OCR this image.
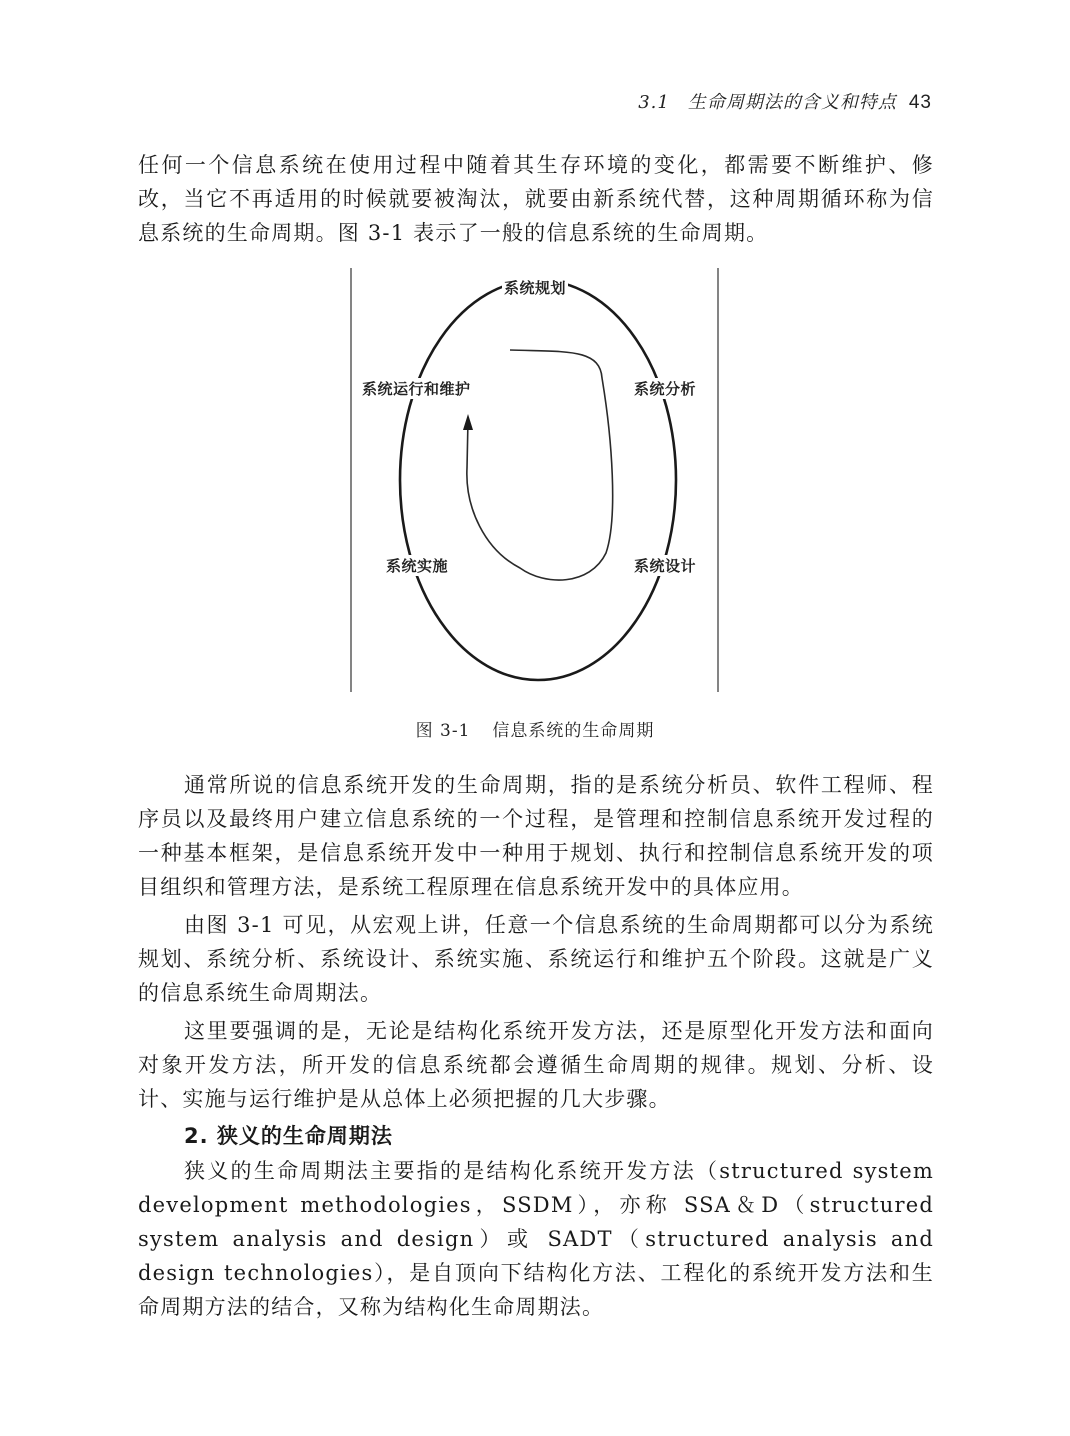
3.1 生命周期法的含义和特点 43

任何一个信息系统在使用过程中随着其生存环境的变化，都需要不断维护、修改，当它不再适用的时候就要被淘汰，就要由新系统代替，这种周期循环称为信息系统的生命周期。图 3-1 表示了一般的信息系统的生命周期。

系统规划
系统分析
系统设计
系统实施
系统运行和维护
图 3-1 信息系统的生命周期

通常所说的信息系统开发的生命周期，指的是系统分析员、软件工程师、程序员以及最终用户建立信息系统的一个过程，是管理和控制信息系统开发过程的一种基本框架，是信息系统开发中一种用于规划、执行和控制信息系统开发的项目组织和管理方法，是系统工程原理在信息系统开发中的具体应用。

由图 3-1 可见，从宏观上讲，任意一个信息系统的生命周期都可以分为系统规划、系统分析、系统设计、系统实施、系统运行和维护五个阶段。这就是广义的信息系统生命周期法。

这里要强调的是，无论是结构化系统开发方法，还是原型化开发方法和面向对象开发方法，所开发的信息系统都会遵循生命周期的规律。规划、分析、设计、实施与运行维护是从总体上必须把握的几大步骤。

2. 狭义的生命周期法

狭义的生命周期法主要指的是结构化系统开发方法（structured system development methodologies，SSDM），亦称 SSA＆D（structured system analysis and design）或 SADT（structured analysis and design technologies），是自顶向下结构化方法、工程化的系统开发方法和生命周期方法的结合，又称为结构化生命周期法。
